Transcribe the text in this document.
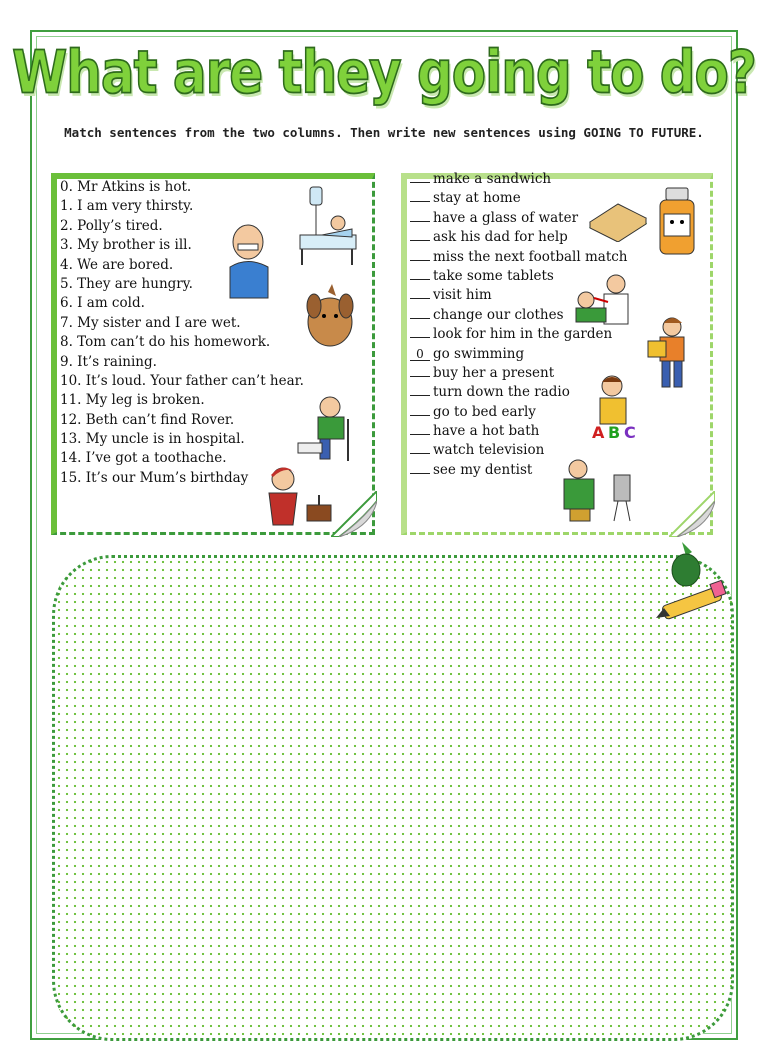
What are they going to do?
Match sentences from the two columns. Then write new sentences using GOING TO FUTURE.
0. Mr Atkins is hot.
1. I am very thirsty.
2. Polly’s tired.
3. My brother is ill.
4. We are bored.
5. They are hungry.
6. I am cold.
7. My sister and I are wet.
8. Tom can’t do his homework.
9. It’s raining.
10. It’s loud. Your father can’t hear.
11. My leg is broken.
12. Beth can’t find Rover.
13. My uncle is in hospital.
14. I’ve got a toothache.
15. It’s our Mum’s birthday
make a sandwich
stay at home
have a glass of water
ask his dad for help
miss the next football match
take some tablets
visit him
change our clothes
look for him in the garden
0 go swimming
buy her a present
turn down the radio
go to bed early
have a hot bath
watch television
see my dentist
A B C
